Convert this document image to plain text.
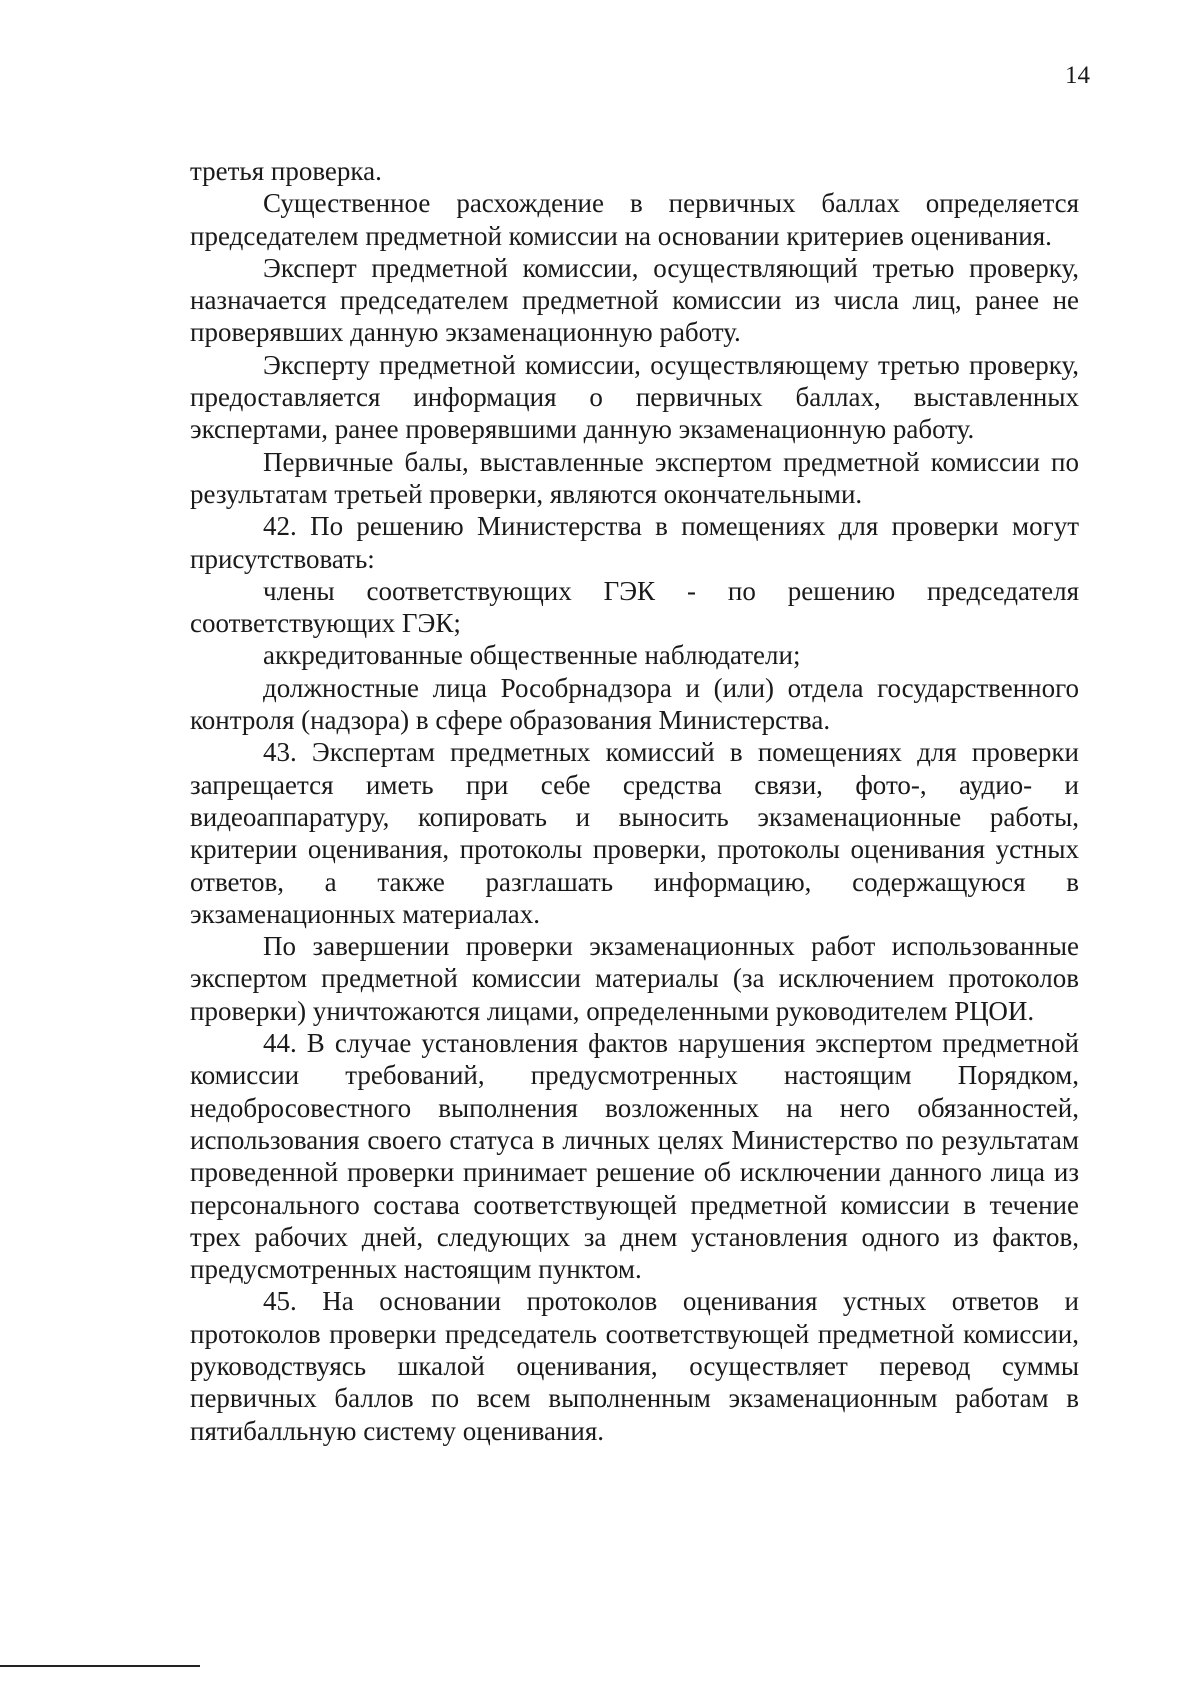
14

третья проверка.

Существенное расхождение в первичных баллах определяется председателем предметной комиссии на основании критериев оценивания.

Эксперт предметной комиссии, осуществляющий третью проверку, назначается председателем предметной комиссии из числа лиц, ранее не проверявших данную экзаменационную работу.

Эксперту предметной комиссии, осуществляющему третью проверку, предоставляется информация о первичных баллах, выставленных экспертами, ранее проверявшими данную экзаменационную работу.

Первичные балы, выставленные экспертом предметной комиссии по результатам третьей проверки, являются окончательными.

42. По решению Министерства в помещениях для проверки могут присутствовать:

члены соответствующих ГЭК - по решению председателя соответствующих ГЭК;

аккредитованные общественные наблюдатели;

должностные лица Рособрнадзора и (или) отдела государственного контроля (надзора) в сфере образования Министерства.

43. Экспертам предметных комиссий в помещениях для проверки запрещается иметь при себе средства связи, фото-, аудио- и видеоаппаратуру, копировать и выносить экзаменационные работы, критерии оценивания, протоколы проверки, протоколы оценивания устных ответов, а также разглашать информацию, содержащуюся в экзаменационных материалах.

По завершении проверки экзаменационных работ использованные экспертом предметной комиссии материалы (за исключением протоколов проверки) уничтожаются лицами, определенными руководителем РЦОИ.

44. В случае установления фактов нарушения экспертом предметной комиссии требований, предусмотренных настоящим Порядком, недобросовестного выполнения возложенных на него обязанностей, использования своего статуса в личных целях Министерство по результатам проведенной проверки принимает решение об исключении данного лица из персонального состава соответствующей предметной комиссии в течение трех рабочих дней, следующих за днем установления одного из фактов, предусмотренных настоящим пунктом.

45. На основании протоколов оценивания устных ответов и протоколов проверки председатель соответствующей предметной комиссии, руководствуясь шкалой оценивания, осуществляет перевод суммы первичных баллов по всем выполненным экзаменационным работам в пятибалльную систему оценивания.
